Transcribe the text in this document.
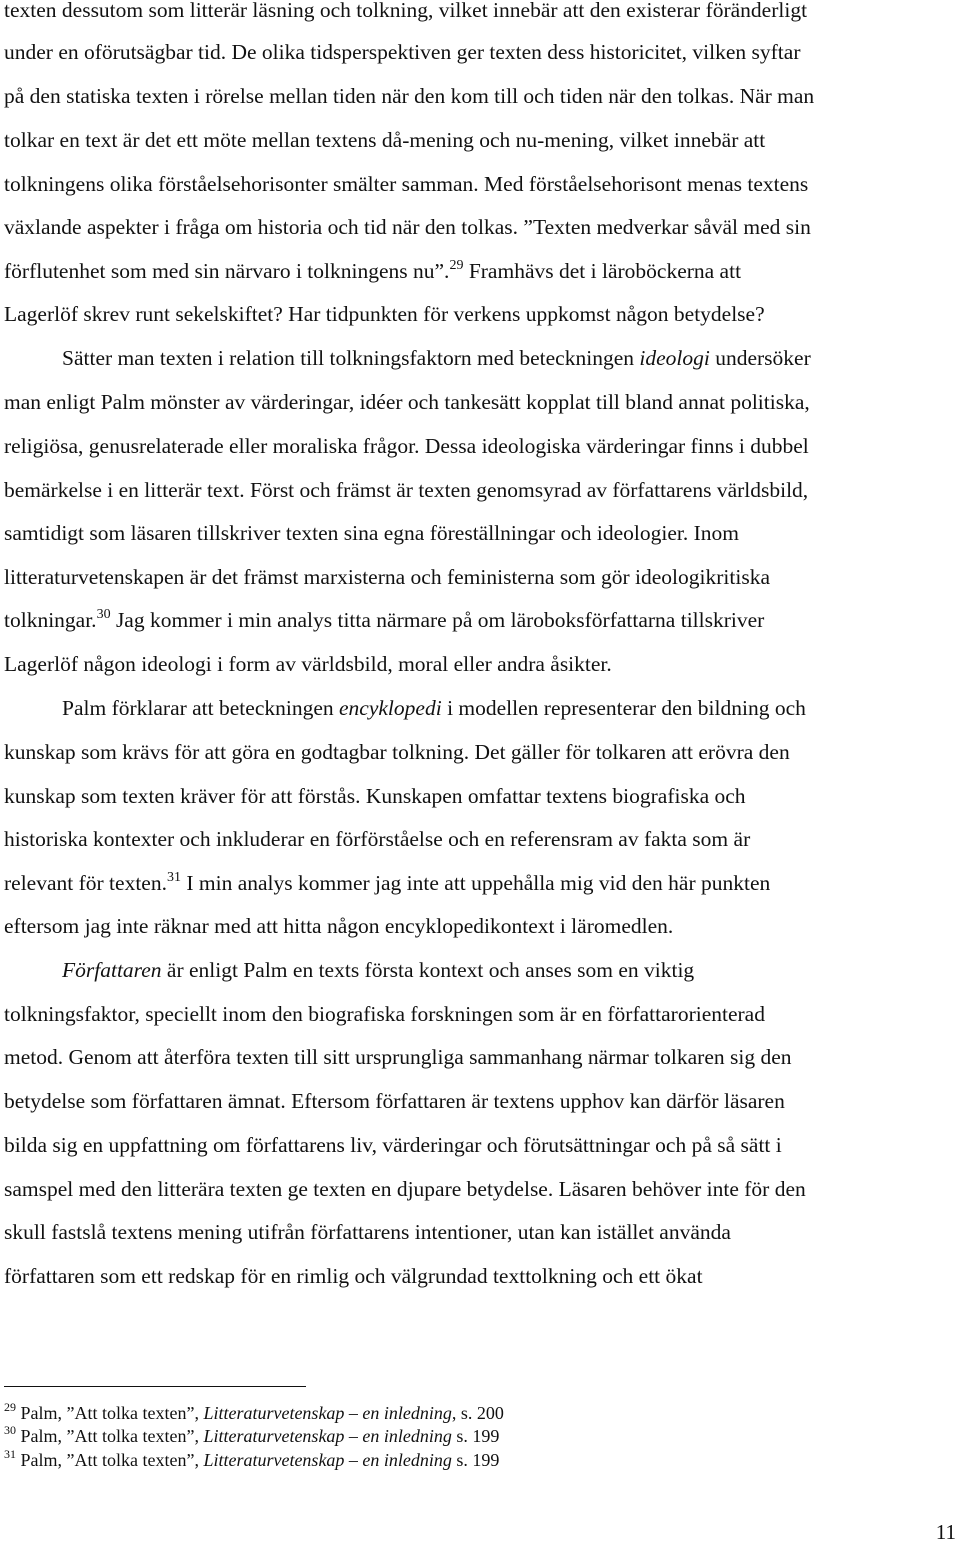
texten dessutom som litterär läsning och tolkning, vilket innebär att den existerar föränderligt
under en oförutsägbar tid. De olika tidsperspektiven ger texten dess historicitet, vilken syftar
på den statiska texten i rörelse mellan tiden när den kom till och tiden när den tolkas. När man
tolkar en text är det ett möte mellan textens då-mening och nu-mening, vilket innebär att
tolkningens olika förståelsehorisonter smälter samman. Med förståelsehorisont menas textens
växlande aspekter i fråga om historia och tid när den tolkas. ”Texten medverkar såväl med sin
förflutenhet som med sin närvaro i tolkningens nu”.$^{29}$ Framhävs det i läroböckerna att
Lagerlöf skrev runt sekelskiftet? Har tidpunkten för verkens uppkomst någon betydelse?
Sätter man texten i relation till tolkningsfaktorn med beteckningen ideologi undersöker
man enligt Palm mönster av värderingar, idéer och tankesätt kopplat till bland annat politiska,
religiösa, genusrelaterade eller moraliska frågor. Dessa ideologiska värderingar finns i dubbel
bemärkelse i en litterär text. Först och främst är texten genomsyrad av författarens världsbild,
samtidigt som läsaren tillskriver texten sina egna föreställningar och ideologier. Inom
litteraturvetenskapen är det främst marxisterna och feministerna som gör ideologikritiska
tolkningar.$^{30}$ Jag kommer i min analys titta närmare på om läroboksförfattarna tillskriver
Lagerlöf någon ideologi i form av världsbild, moral eller andra åsikter.
Palm förklarar att beteckningen encyklopedi i modellen representerar den bildning och
kunskap som krävs för att göra en godtagbar tolkning. Det gäller för tolkaren att erövra den
kunskap som texten kräver för att förstås. Kunskapen omfattar textens biografiska och
historiska kontexter och inkluderar en förförståelse och en referensram av fakta som är
relevant för texten.$^{31}$ I min analys kommer jag inte att uppehålla mig vid den här punkten
eftersom jag inte räknar med att hitta någon encyklopedikontext i läromedlen.
Författaren är enligt Palm en texts första kontext och anses som en viktig
tolkningsfaktor, speciellt inom den biografiska forskningen som är en författarorienterad
metod. Genom att återföra texten till sitt ursprungliga sammanhang närmar tolkaren sig den
betydelse som författaren ämnat. Eftersom författaren är textens upphov kan därför läsaren
bilda sig en uppfattning om författarens liv, värderingar och förutsättningar och på så sätt i
samspel med den litterära texten ge texten en djupare betydelse. Läsaren behöver inte för den
skull fastslå textens mening utifrån författarens intentioner, utan kan istället använda
författaren som ett redskap för en rimlig och välgrundad texttolkning och ett ökat
$^{29}$ Palm, ”Att tolka texten”, Litteraturvetenskap – en inledning, s. 200
$^{30}$ Palm, ”Att tolka texten”, Litteraturvetenskap – en inledning s. 199
$^{31}$ Palm, ”Att tolka texten”, Litteraturvetenskap – en inledning s. 199
11
